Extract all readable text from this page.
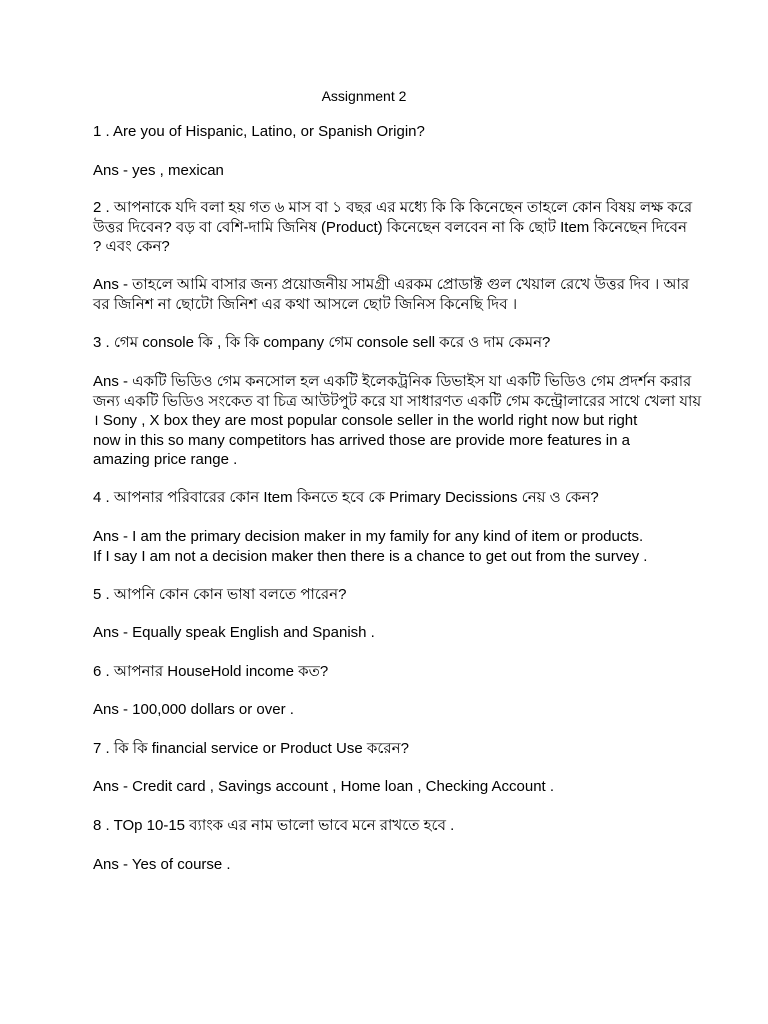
Assignment 2
1 . Are you of Hispanic, Latino, or Spanish Origin?
Ans - yes , mexican
2 . আপনাকে যদি বলা হয় গত ৬ মাস বা ১ বছর এর মধ্যে কি কি কিনেছেন তাহলে কোন বিষয় লক্ষ করে
উত্তর দিবেন? বড় বা বেশি-দামি জিনিষ (Product) কিনেছেন বলবেন না কি ছোট Item কিনেছেন দিবেন
? এবং কেন?
Ans - তাহলে আমি বাসার জন্য প্রয়োজনীয় সামগ্রী এরকম প্রোডাক্ট গুল খেয়াল রেখে উত্তর দিব । আর
বর জিনিশ না ছোটো জিনিশ এর কথা আসলে ছোট জিনিস কিনেছি দিব ।
3 . গেম console কি , কি কি company গেম console sell করে ও দাম কেমন?
Ans - একটি ভিডিও গেম কনসোল হল একটি ইলেকট্রনিক ডিভাইস যা একটি ভিডিও গেম প্রদর্শন করার
জন্য একটি ভিডিও সংকেত বা চিত্র আউটপুট করে যা সাধারণত একটি গেম কন্ট্রোলারের সাথে খেলা যায়
। Sony , X box they are most popular console seller in the world right now but right
now in this so many competitors has arrived those are provide more features in a
amazing price range .
4 . আপনার পরিবারের কোন Item কিনতে হবে কে Primary Decissions নেয় ও কেন?
Ans - I am the primary decision maker in my family for any kind of item or products.
If I say I am not a decision maker then there is a chance to get out from the survey .
5 . আপনি কোন কোন ভাষা বলতে পারেন?
Ans - Equally speak English and Spanish .
6 . আপনার HouseHold income কত?
Ans - 100,000 dollars or over .
7 . কি কি financial service or Product Use করেন?
Ans - Credit card , Savings account , Home loan , Checking Account .
8 . TOp 10-15 ব্যাংক এর নাম ভালো ভাবে মনে রাখতে হবে .
Ans - Yes of course .
